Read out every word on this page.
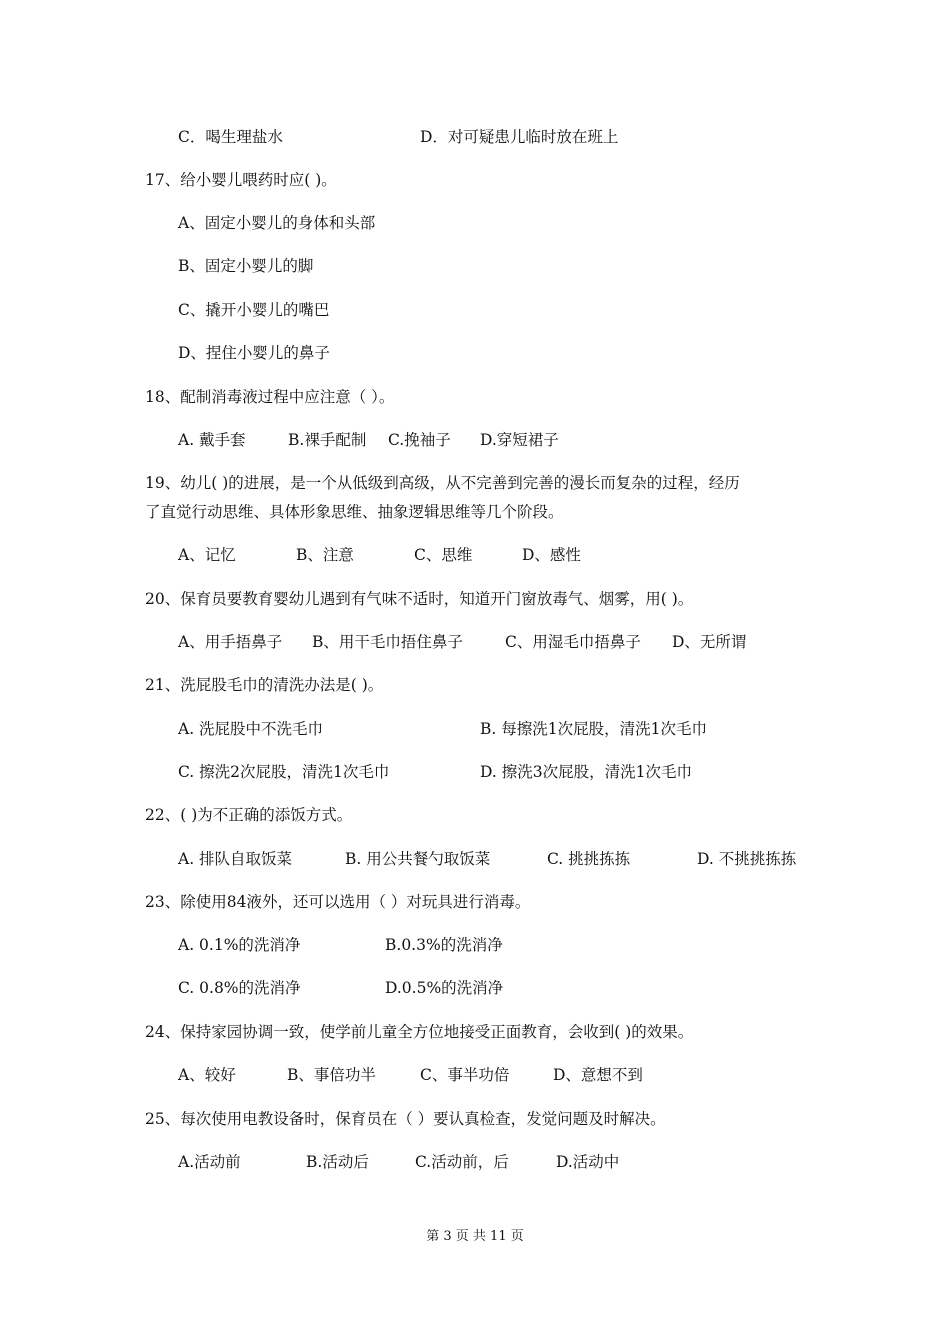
C．喝生理盐水	D．对可疑患儿临时放在班上
17、给小婴儿喂药时应( )。
A、固定小婴儿的身体和头部
B、固定小婴儿的脚
C、撬开小婴儿的嘴巴
D、捏住小婴儿的鼻子
18、配制消毒液过程中应注意（ ）。
A. 戴手套	B.裸手配制 C.挽袖子 D.穿短裙子
19、幼儿( )的进展，是一个从低级到高级，从不完善到完善的漫长而复杂的过程，经历
了直觉行动思维、具体形象思维、抽象逻辑思维等几个阶段。
A、记忆	B、注意	C、思维	D、感性
20、保育员要教育婴幼儿遇到有气味不适时，知道开门窗放毒气、烟雾，用( )。
A、用手捂鼻子 B、用干毛巾捂住鼻子	C、用湿毛巾捂鼻子 D、无所谓
21、洗屁股毛巾的清洗办法是( )。
A. 洗屁股中不洗毛巾	B. 每擦洗1次屁股，清洗1次毛巾
C. 擦洗2次屁股，清洗1次毛巾	D. 擦洗3次屁股，清洗1次毛巾
22、( )为不正确的添饭方式。
A. 排队自取饭菜	B. 用公共餐勺取饭菜	C. 挑挑拣拣	D. 不挑挑拣拣
23、除使用84液外，还可以选用（ ）对玩具进行消毒。
A. 0.1%的洗消净	B.0.3%的洗消净
C. 0.8%的洗消净	D.0.5%的洗消净
24、保持家园协调一致，使学前儿童全方位地接受正面教育，会收到( )的效果。
A、较好	B、事倍功半	C、事半功倍	D、意想不到
25、每次使用电教设备时，保育员在（ ）要认真检查，发觉问题及时解决。
A.活动前	B.活动后	C.活动前，后	D.活动中
第 3 页 共 11 页
